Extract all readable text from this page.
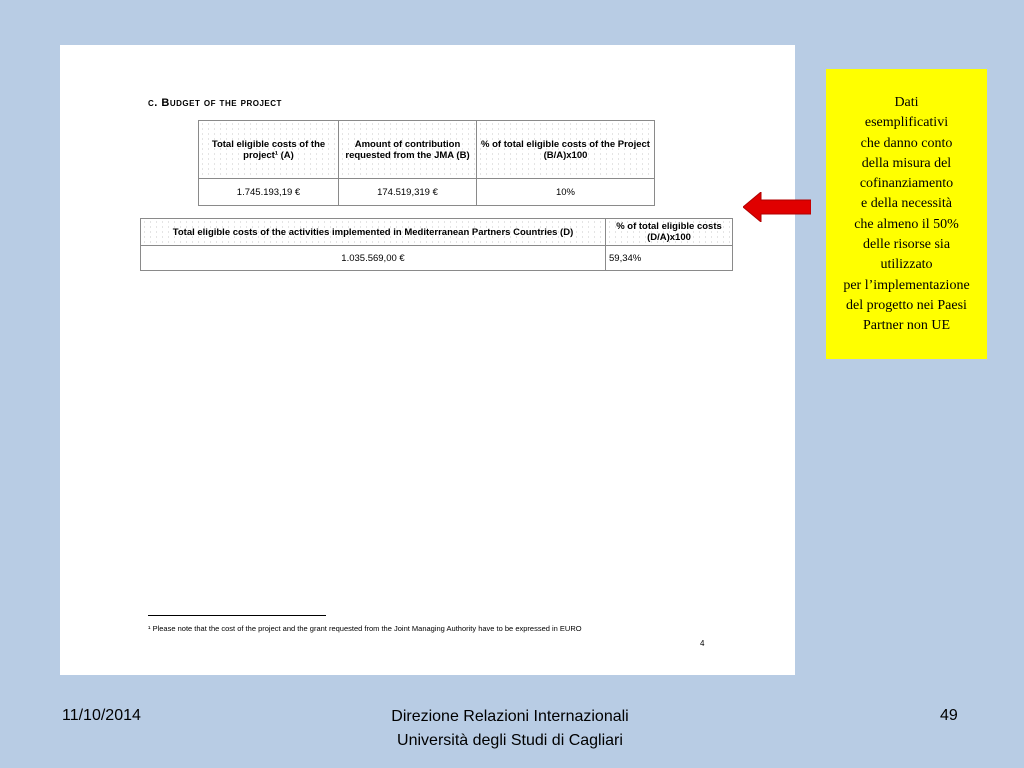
c. Budget of the project
Total eligible costs of the project¹ (A)	Amount of contribution requested from the JMA (B)	% of total eligible costs of the Project (B/A)x100
1.745.193,19 €	174.519,319 €	10%
Total eligible costs of the activities implemented in Mediterranean Partners Countries (D)	% of total eligible costs (D/A)x100
1.035.569,00 €	59,34%
¹ Please note that the cost of the project and the grant requested from the Joint Managing Authority have to be expressed in EURO
4
Dati
esemplificativi
che danno conto
della misura del
cofinanziamento
e della necessità
che almeno il 50%
delle risorse sia
utilizzato
per l’implementazione
del progetto nei Paesi
Partner non UE
11/10/2014	Direzione Relazioni Internazionali
Università degli Studi di Cagliari
49
